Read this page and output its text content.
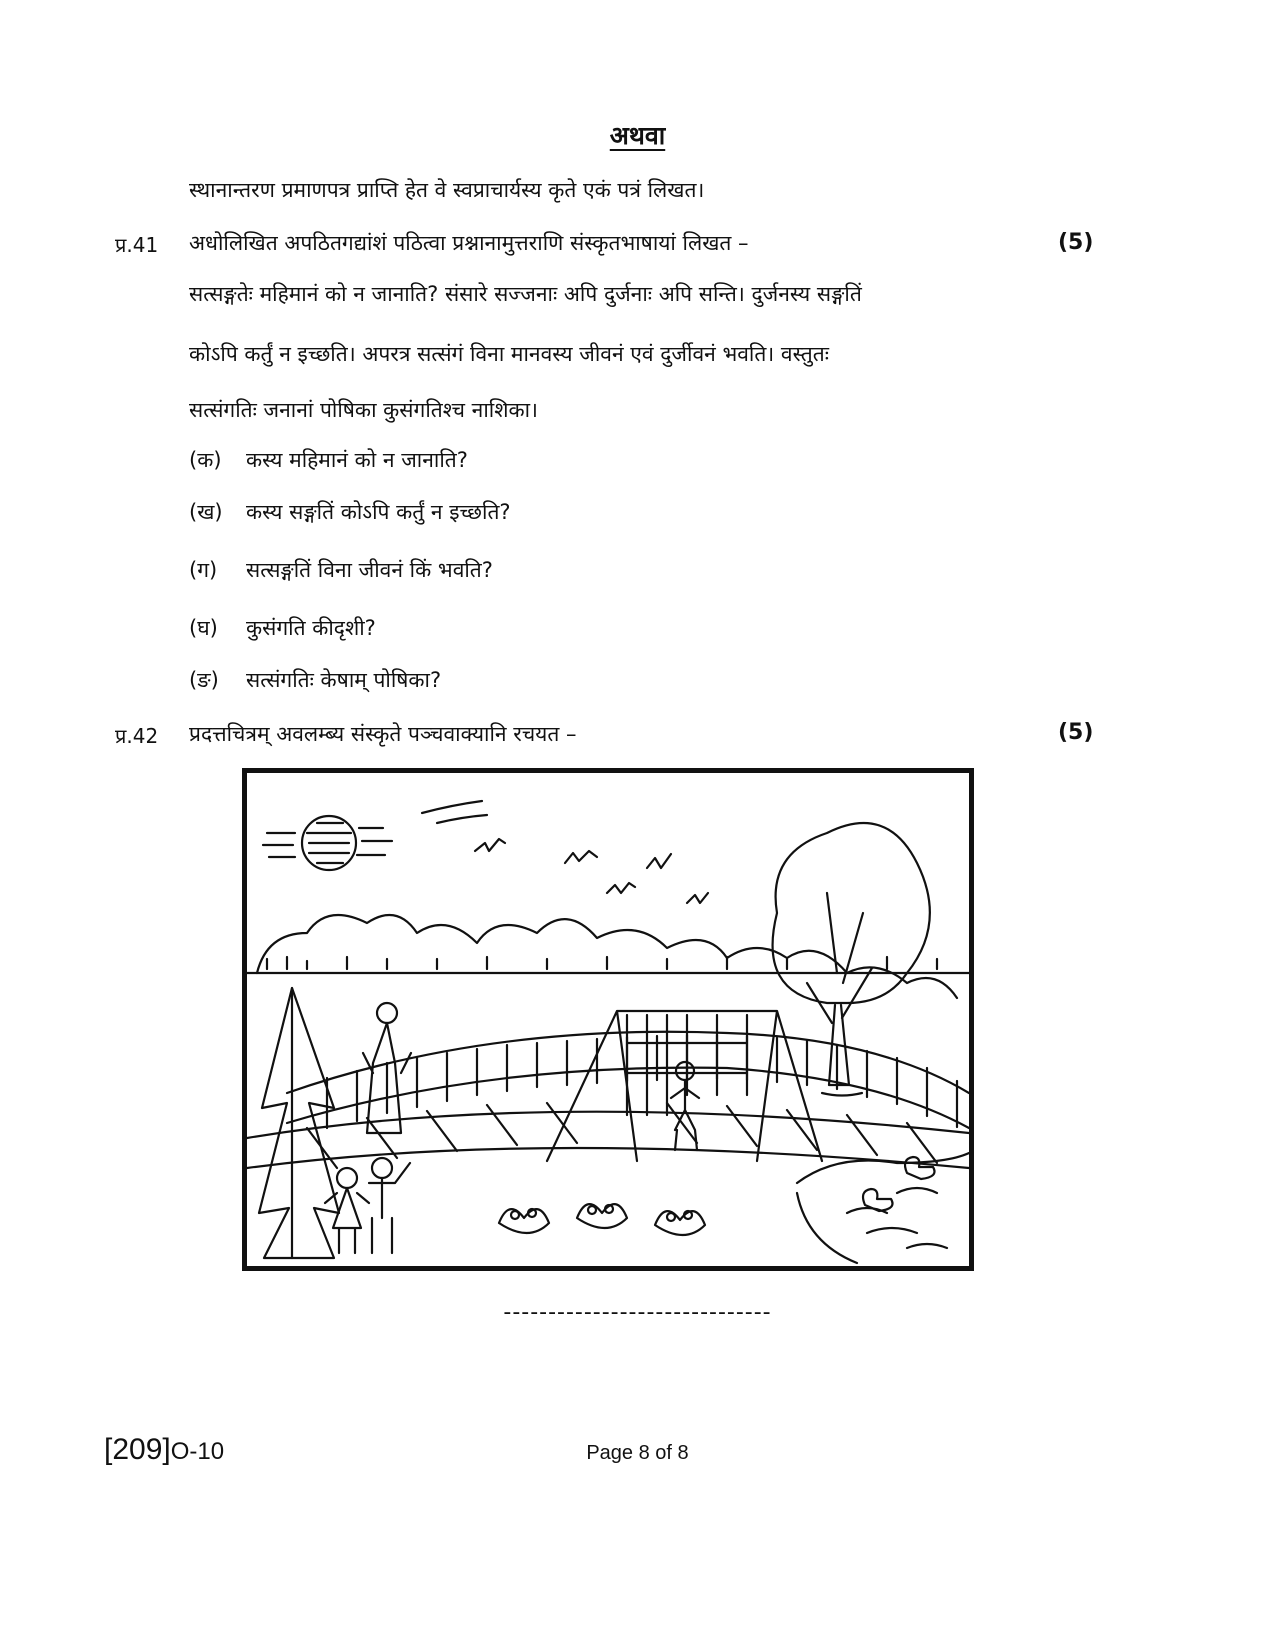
अथवा
स्थानान्तरण प्रमाणपत्र प्राप्ति हेत वे स्वप्राचार्यस्य कृते एकं पत्रं लिखत।
प्र.41 अधोलिखित अपठितगद्यांशं पठित्वा प्रश्नानामुत्तराणि संस्कृतभाषायां लिखत –	(5)
सत्सङ्गतेः महिमानं को न जानाति? संसारे सज्जनाः अपि दुर्जनाः अपि सन्ति। दुर्जनस्य सङ्गतिं
कोऽपि कर्तुं न इच्छति। अपरत्र सत्संगं विना मानवस्य जीवनं एवं दुर्जीवनं भवति। वस्तुतः
सत्संगतिः जनानां पोषिका कुसंगतिश्च नाशिका।
(क) कस्य महिमानं को न जानाति?
(ख) कस्य सङ्गतिं कोऽपि कर्तुं न इच्छति?
(ग) सत्सङ्गतिं विना जीवनं किं भवति?
(घ) कुसंगति कीदृशी?
(ङ) सत्संगतिः केषाम् पोषिका?
प्र.42 प्रदत्तचित्रम् अवलम्ब्य संस्कृते पञ्चवाक्यानि रचयत –	(5)
------------------------------
[209]O-10	Page 8 of 8
